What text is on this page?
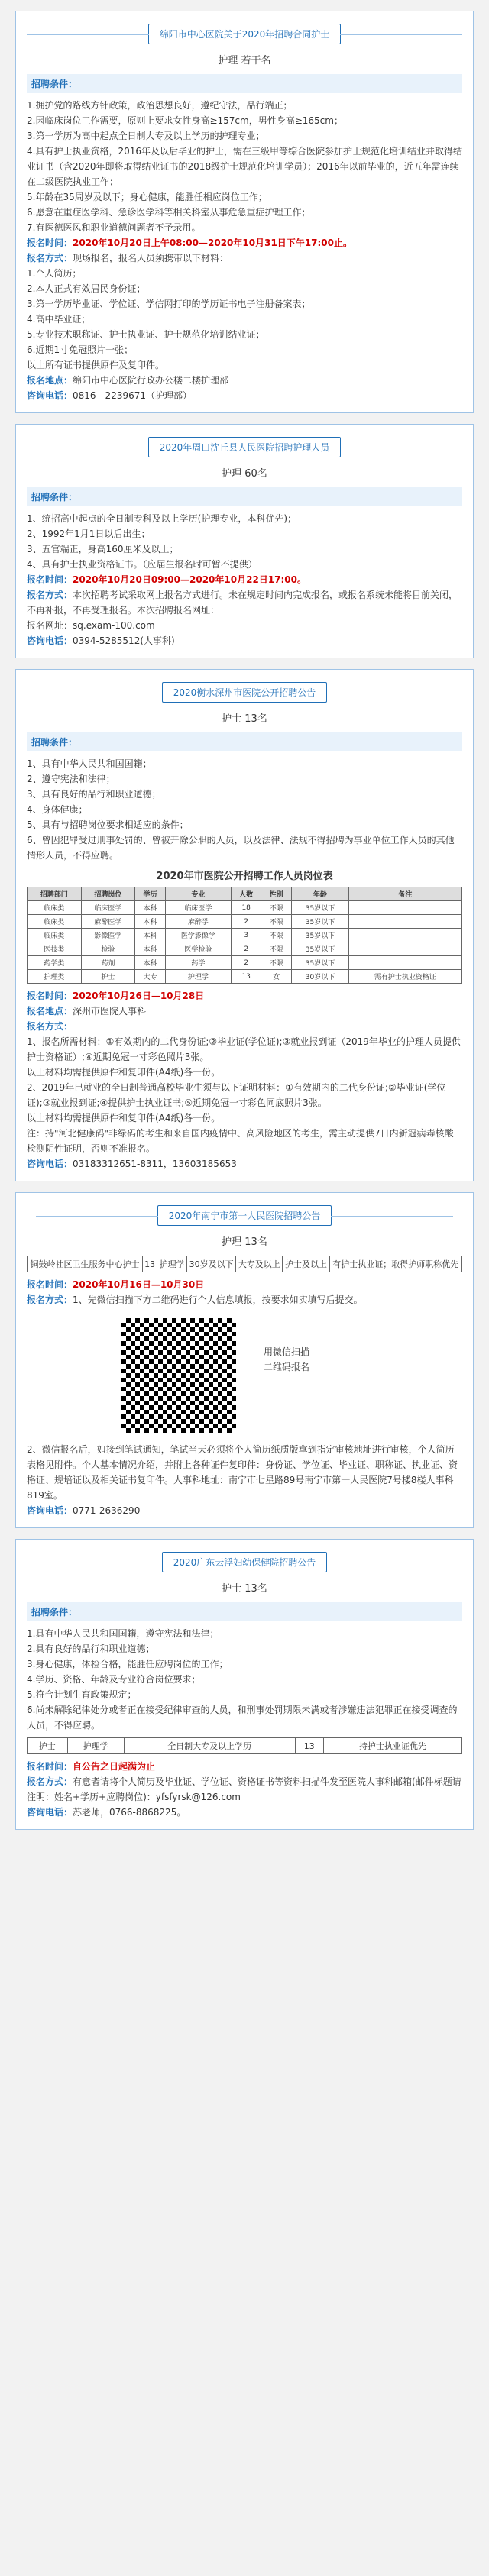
绵阳市中心医院关于2020年招聘合同护士
护理 若干名
招聘条件：
1.拥护党的路线方针政策，政治思想良好，遵纪守法，品行端正；
2.因临床岗位工作需要，原则上要求女性身高≥157cm，男性身高≥165cm；
3.第一学历为高中起点全日制大专及以上学历的护理专业；
4.具有护士执业资格，2016年及以后毕业的护士，需在三级甲等综合医院参加护士规范化培训结业并取得结业证书（含2020年即将取得结业证书的2018级护士规范化培训学员）；2016年以前毕业的，近五年需连续在二级医院执业工作；
5.年龄在35周岁及以下；身心健康，能胜任相应岗位工作；
6.愿意在重症医学科、急诊医学科等相关科室从事危急重症护理工作；
7.有医德医风和职业道德问题者不予录用。
报名时间：2020年10月20日上午08:00—2020年10月31日下午17:00止。
报名方式：现场报名，报名人员须携带以下材料：
1.个人简历；
2.本人正式有效居民身份证；
3.第一学历毕业证、学位证、学信网打印的学历证书电子注册备案表；
4.高中毕业证；
5.专业技术职称证、护士执业证、护士规范化培训结业证；
6.近期1寸免冠照片一张；
以上所有证书提供原件及复印件。
报名地点：绵阳市中心医院行政办公楼二楼护理部
咨询电话：0816—2239671（护理部）
2020年周口沈丘县人民医院招聘护理人员
护理 60名
招聘条件：
1、统招高中起点的全日制专科及以上学历(护理专业，本科优先)；
2、1992年1月1日以后出生；
3、五官端正，身高160厘米及以上；
4、具有护士执业资格证书。（应届生报名时可暂不提供）
报名时间：2020年10月20日09:00—2020年10月22日17:00。
报名方式：本次招聘考试采取网上报名方式进行。未在规定时间内完成报名，或报名系统未能将目前关闭，不再补报，不再受理报名。本次招聘报名网址：
报名网址：sq.exam-100.com
咨询电话：0394-5285512(人事科)
2020衡水深州市医院公开招聘公告
护士 13名
招聘条件：
1、具有中华人民共和国国籍；
2、遵守宪法和法律；
3、具有良好的品行和职业道德；
4、身体健康；
5、具有与招聘岗位要求相适应的条件；
6、曾因犯罪受过刑事处罚的、曾被开除公职的人员，以及法律、法规不得招聘为事业单位工作人员的其他情形人员，不得应聘。
2020年市医院公开招聘工作人员岗位表
招聘部门	招聘岗位	学历	专业	人数	性别	年龄	备注
临床类	临床医学	本科	临床医学	18	不限	35岁以下	
临床类	麻醉医学	本科	麻醉学	2	不限	35岁以下	
临床类	影像医学	本科	医学影像学	3	不限	35岁以下	
医技类	检验	本科	医学检验	2	不限	35岁以下	
药学类	药剂	本科	药学	2	不限	35岁以下	
护理类	护士	大专	护理学	13	女	30岁以下	需有护士执业资格证
报名时间：2020年10月26日—10月28日
报名地点：深州市医院人事科
报名方式：
1、报名所需材料：①有效期内的二代身份证;②毕业证(学位证);③就业报到证（2019年毕业的护理人员提供护士资格证）;④近期免冠一寸彩色照片3张。
以上材料均需提供原件和复印件(A4纸)各一份。
2、2019年已就业的全日制普通高校毕业生须与以下证明材料：①有效期内的二代身份证;②毕业证(学位证);③就业报到证;④提供护士执业证书;⑤近期免冠一寸彩色同底照片3张。
以上材料均需提供原件和复印件(A4纸)各一份。
注：持"河北健康码"非绿码的考生和来自国内疫情中、高风险地区的考生，需主动提供7日内新冠病毒核酸检测阴性证明，否则不准报名。
咨询电话：03183312651-8311，13603185653
2020年南宁市第一人民医院招聘公告
护理 13名
铜鼓岭社区卫生服务中心护士	13	护理学	30岁及以下	大专及以上	护士及以上	有护士执业证；取得护师职称优先
报名时间：2020年10月16日—10月30日
报名方式：1、先微信扫描下方二维码进行个人信息填报，按要求如实填写后提交。
用微信扫描
二维码报名
2、微信报名后，如接到笔试通知，笔试当天必须将个人简历纸质版拿到指定审核地址进行审核，个人简历表格见附件。个人基本情况介绍，并附上各种证件复印件：身份证、学位证、毕业证、职称证、执业证、资格证、规培证以及相关证书复印件。人事科地址：南宁市七星路89号南宁市第一人民医院7号楼8楼人事科819室。
咨询电话：0771-2636290
2020广东云浮妇幼保健院招聘公告
护士 13名
招聘条件：
1.具有中华人民共和国国籍，遵守宪法和法律；
2.具有良好的品行和职业道德；
3.身心健康，体检合格，能胜任应聘岗位的工作；
4.学历、资格、年龄及专业符合岗位要求；
5.符合计划生育政策规定；
6.尚未解除纪律处分或者正在接受纪律审查的人员，和刑事处罚期限未满或者涉嫌违法犯罪正在接受调查的人员，不得应聘。
护士	护理学	全日制大专及以上学历	13	持护士执业证优先
报名时间：自公告之日起满为止
报名方式：有意者请将个人简历及毕业证、学位证、资格证书等资料扫描件发至医院人事科邮箱(邮件标题请注明：姓名+学历+应聘岗位)：yfsfyrsk@126.com
咨询电话：苏老师，0766-8868225。
